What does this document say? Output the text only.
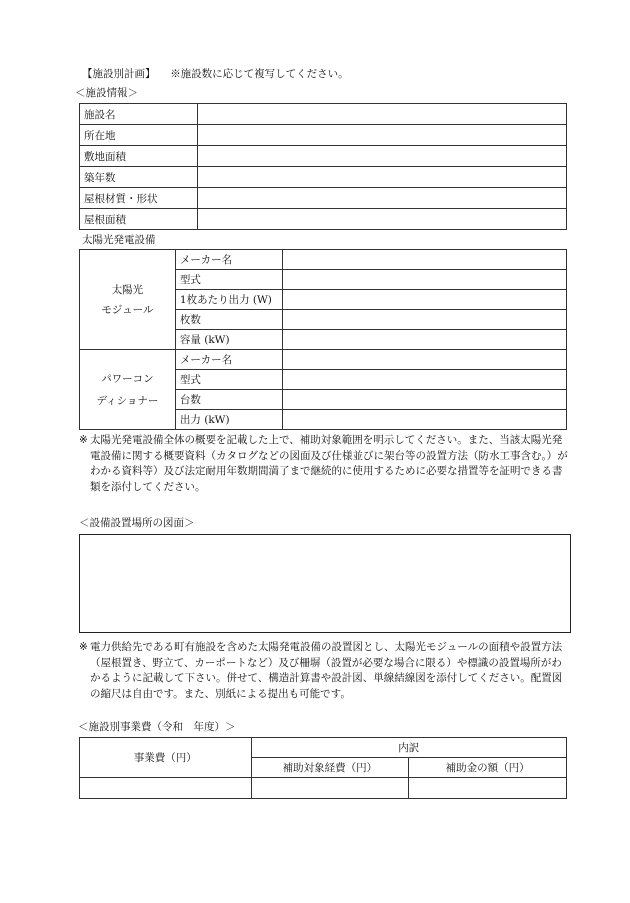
【施設別計画】 ※施設数に応じて複写してください。
＜施設情報＞
施設名	
所在地	
敷地面積	
築年数	
屋根材質・形状	
屋根面積	
太陽光発電設備
太陽光
モジュール	メーカー名	
	型式	
	1枚あたり出力 (W)	
	枚数	
	容量 (kW)	

パワーコン
ディショナー	メーカー名	
	型式	
	台数	
	出力 (kW)	
※ 太陽光発電設備全体の概要を記載した上で、補助対象範囲を明示してください。また、当該太陽光発電設備に関する概要資料（カタログなどの図面及び仕様並びに架台等の設置方法（防水工事含む。）がわかる資料等）及び法定耐用年数期間満了まで継続的に使用するために必要な措置等を証明できる書類を添付してください。
＜設備設置場所の図面＞
※ 電力供給先である町有施設を含めた太陽発電設備の設置図とし、太陽光モジュールの面積や設置方法（屋根置き、野立て、カーポートなど）及び柵塀（設置が必要な場合に限る）や標識の設置場所がわかるように記載して下さい。併せて、構造計算書や設計図、単線結線図を添付してください。配置図の縮尺は自由です。また、別紙による提出も可能です。
＜施設別事業費（令和　年度）＞
事業費（円）	内訳	
	補助対象経費（円）	補助金の額（円）
